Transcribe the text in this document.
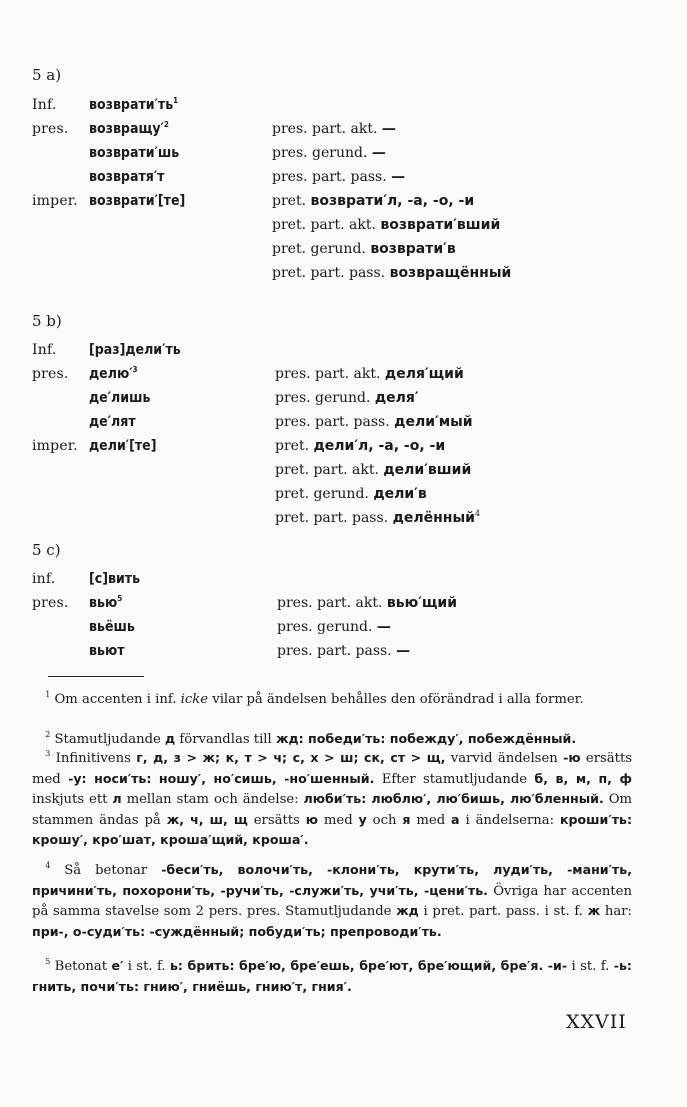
5 a)
Inf. $возврати'ть^1$
pres. $возвращу'^2$
возврати′шь
возвратя′т
imper. возврати′[те]
pres. part. akt. —
pres. gerund. —
pres. part. pass. —
pret. возврати′л, -а, -о, -и
pret. part. akt. возврати′вший
pret. gerund. возврати′в
pret. part. pass. возвращённый
5 b)
Inf. [раз]дели′ть
pres. $делю'^3$
де′лишь
де′лят
imper. дели′[те]
pres. part. akt. деля′щий
pres. gerund. деля′
pres. part. pass. дели′мый
pret. дели′л, -а, -о, -и
pret. part. akt. дели′вший
pret. gerund. дели′в
pret. part. pass. делённый$^4$
5 c)
inf. [с]вить
pres. вью$^5$
вьёшь
вьют
pres. part. akt. вью′щий
pres. gerund. —
pres. part. pass. —
 $^1$ Om accenten i inf. icke vilar på ändelsen behålles den oförändrad i alla former.
 $^2$ Stamutljudande д förvandlas till жд: победи′ть: побежду′, побеждённый.
 $^3$ Infinitivens г, д, з > ж; к, т > ч; с, х > ш; ск, ст > щ, varvid ändelsen -ю ersätts med -у: носи′ть: ношу′, но′сишь, -но′шенный. Efter stamutljudande б, в, м, п, ф inskjuts ett л mellan stam och ändelse: люби′ть: люблю′, лю′бишь, лю′бленный. Om stammen ändas på ж, ч, ш, щ ersätts ю med у och я med а i ändelserna: кроши′ть: крошу′, кро′шат, кроша′щий, кроша′.
 $^4$ Så betonar -беси′ть, волочи′ть, -клони′ть, крути′ть, луди′ть, -мани′ть, причини′ть, похорони′ть, -ручи′ть, -служи′ть, учи′ть, -цени′ть. Övriga har accenten på samma stavelse som 2 pers. pres. Stamutljudande жд i pret. part. pass. i st. f. ж har: при-, о-суди′ть: -суждённый; побуди′ть; препроводи′ть.
 $^5$ Betonat е′ i st. f. ь: брить: бре′ю, бре′ешь, бре′ют, бре′ющий, бре′я. -и- i st. f. -ь: гнить, почи′ть: гнию′, гниёшь, гнию′т, гния′.
XXVII
